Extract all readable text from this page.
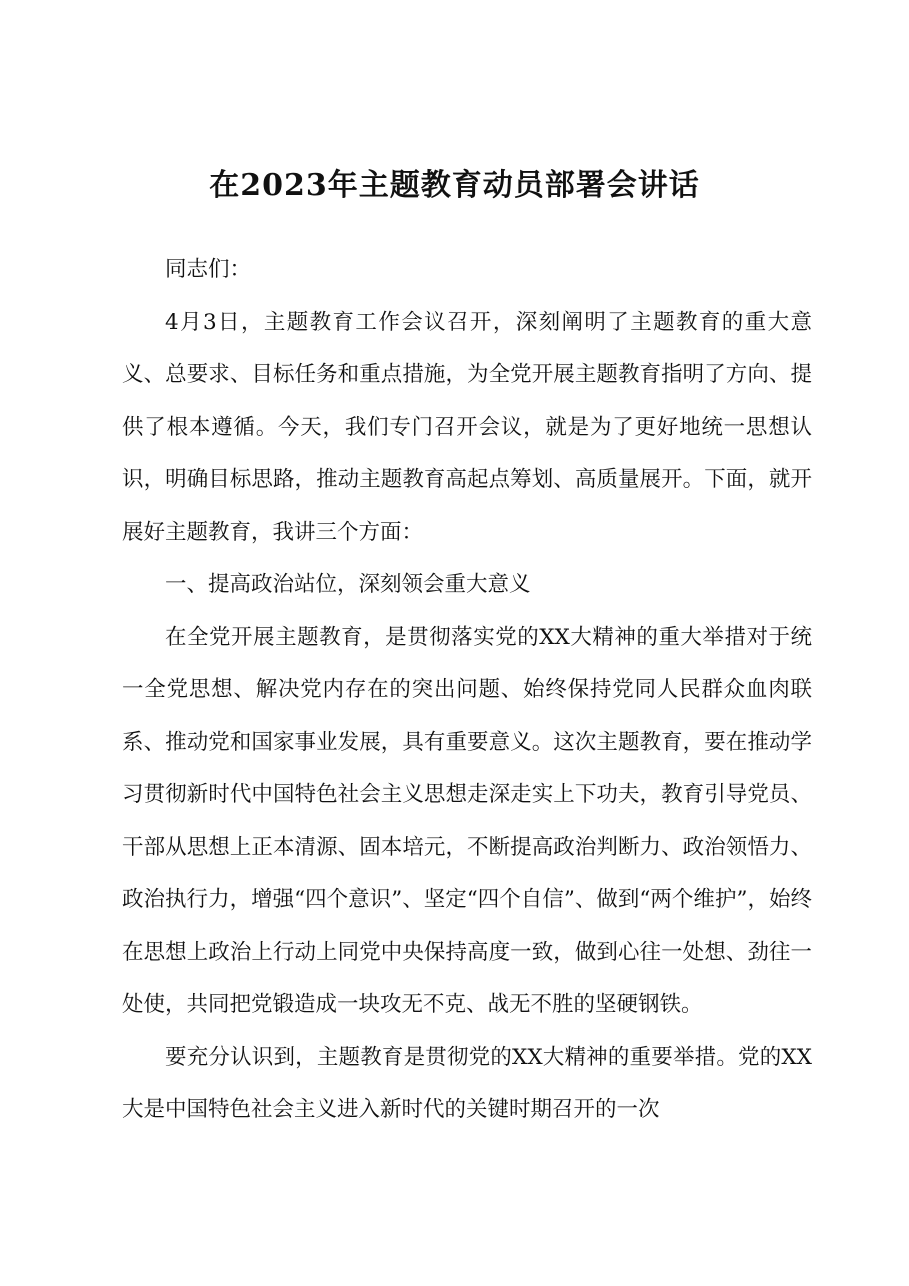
在2023年主题教育动员部署会讲话

同志们：

4月3日，主题教育工作会议召开，深刻阐明了主题教育的重大意义、总要求、目标任务和重点措施，为全党开展主题教育指明了方向、提供了根本遵循。今天，我们专门召开会议，就是为了更好地统一思想认识，明确目标思路，推动主题教育高起点筹划、高质量展开。下面，就开展好主题教育，我讲三个方面：

一、提高政治站位，深刻领会重大意义

在全党开展主题教育，是贯彻落实党的XX大精神的重大举措对于统一全党思想、解决党内存在的突出问题、始终保持党同人民群众血肉联系、推动党和国家事业发展，具有重要意义。这次主题教育，要在推动学习贯彻新时代中国特色社会主义思想走深走实上下功夫，教育引导党员、干部从思想上正本清源、固本培元，不断提高政治判断力、政治领悟力、政治执行力，增强“四个意识”、坚定“四个自信”、做到“两个维护”，始终在思想上政治上行动上同党中央保持高度一致，做到心往一处想、劲往一处使，共同把党锻造成一块攻无不克、战无不胜的坚硬钢铁。

要充分认识到，主题教育是贯彻党的XX大精神的重要举措。党的XX大是中国特色社会主义进入新时代的关键时期召开的一次
